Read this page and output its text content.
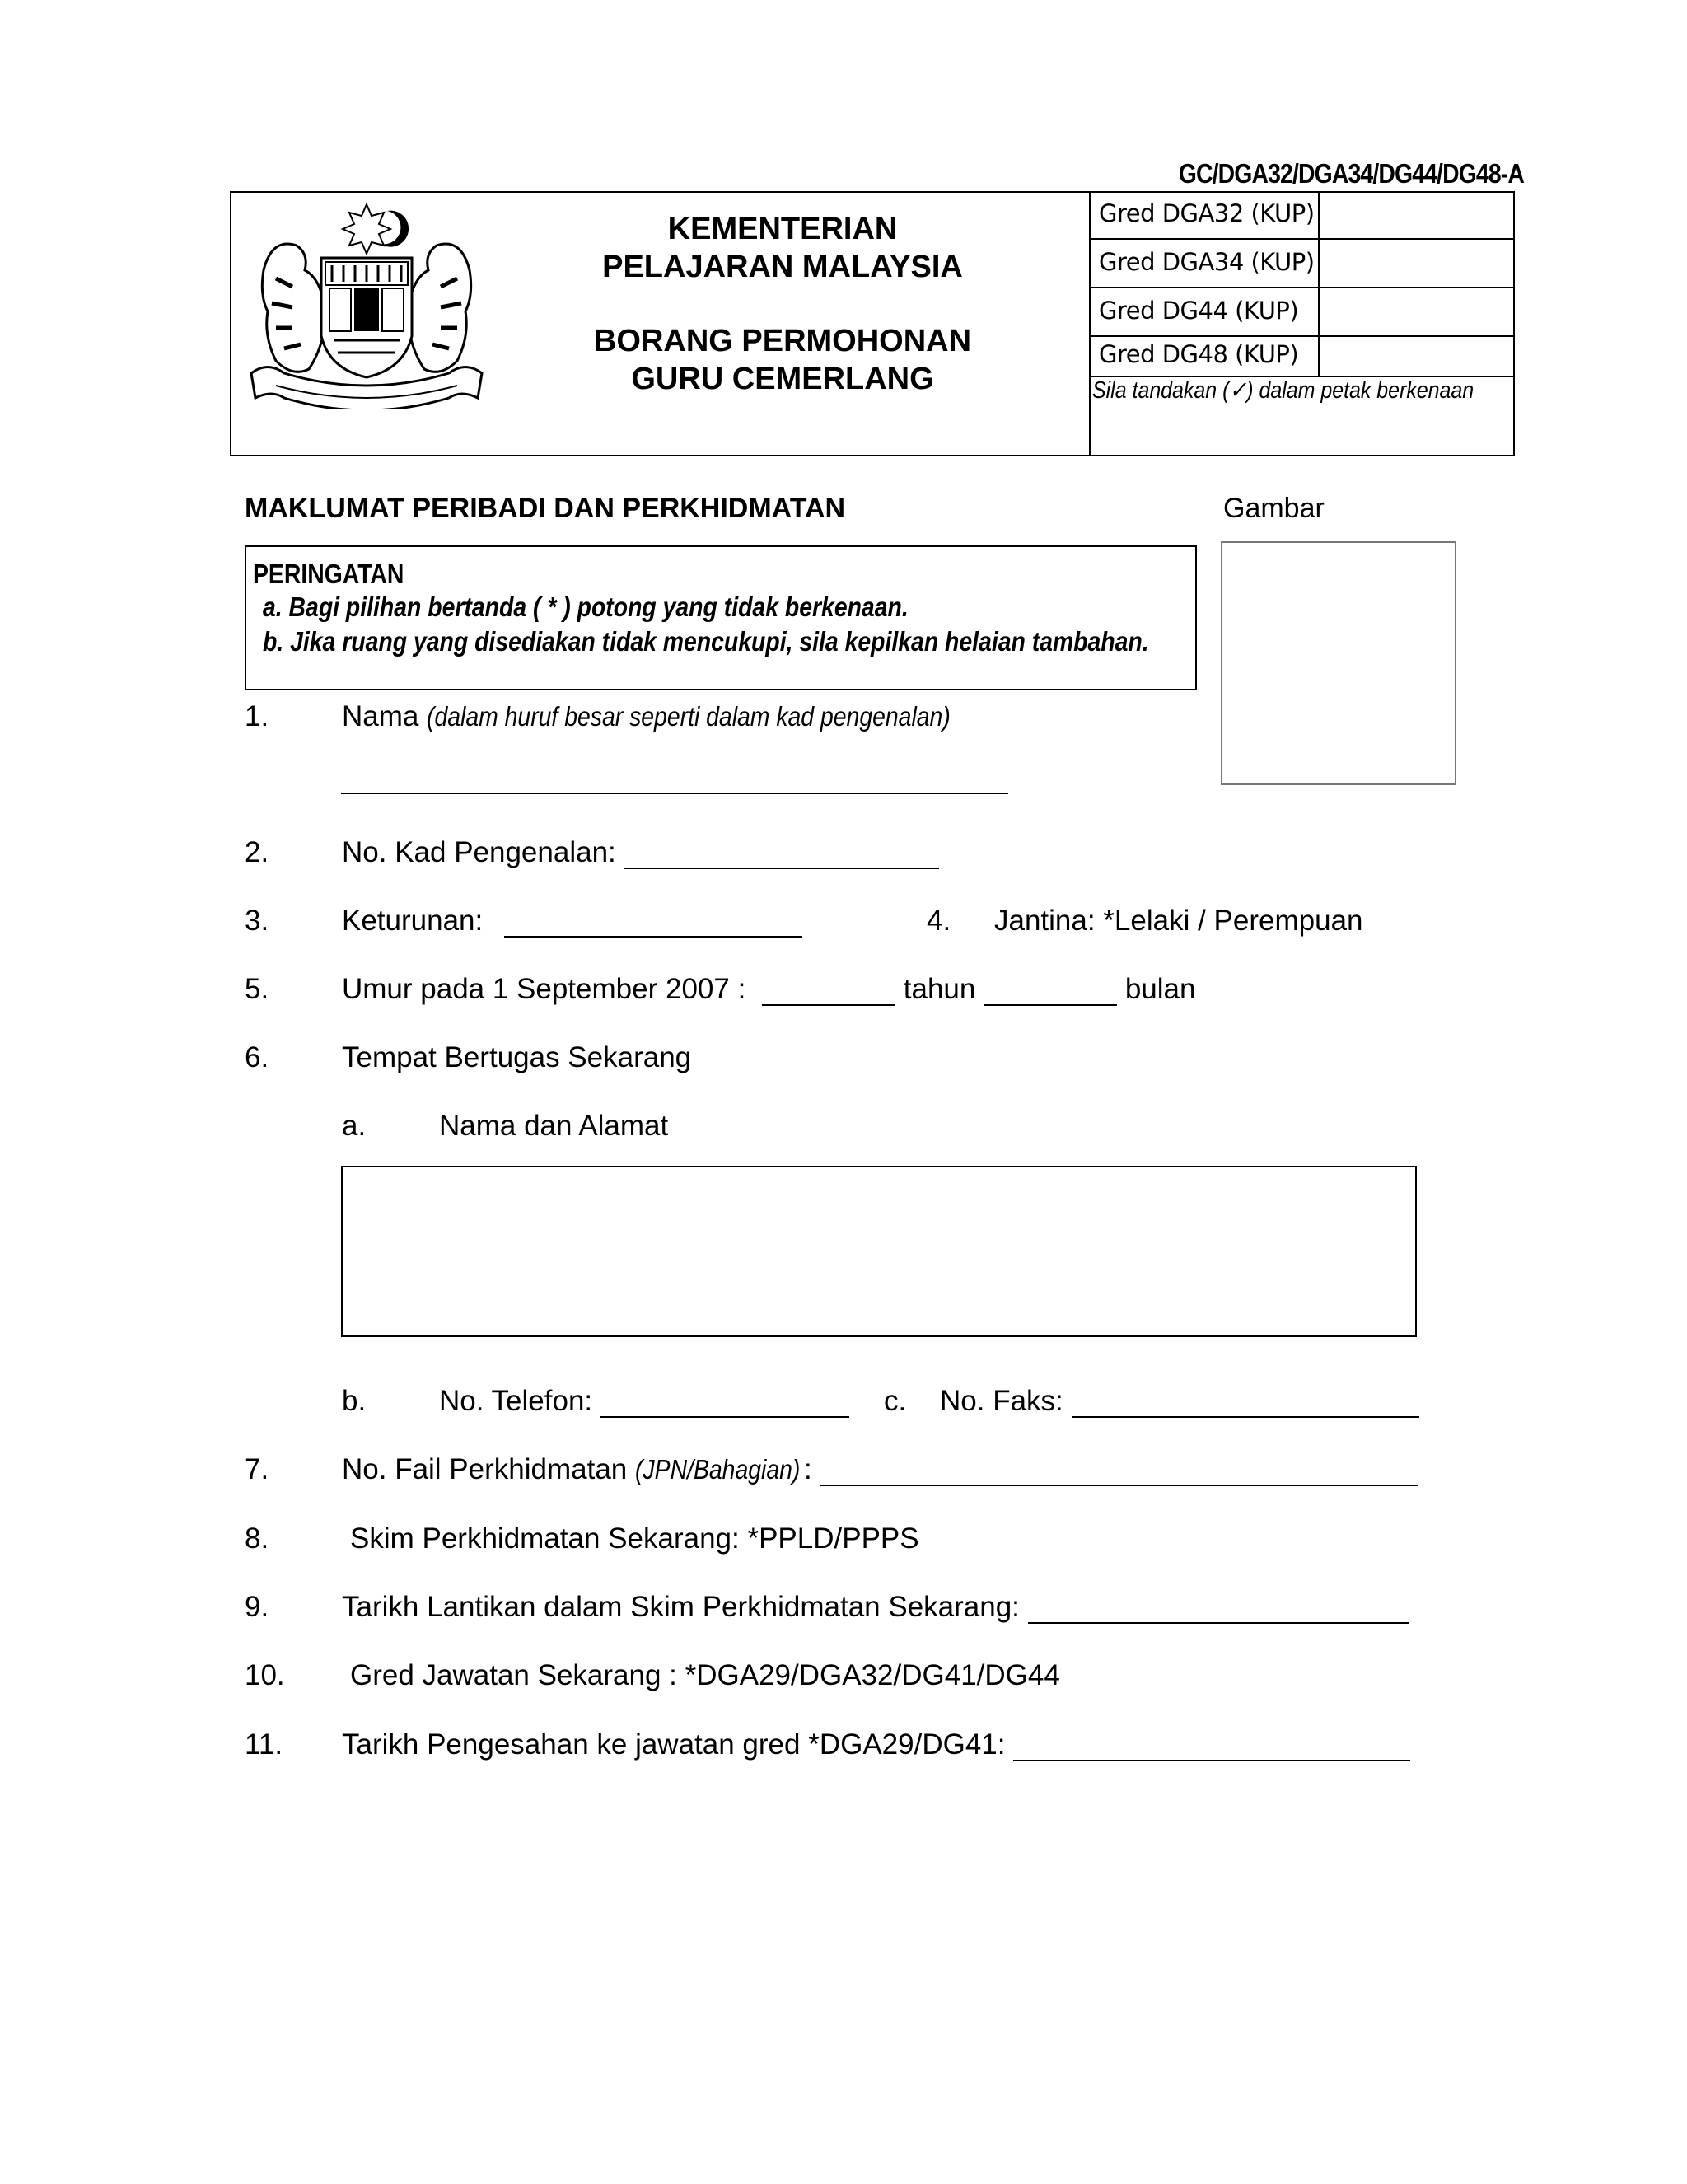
GC/DGA32/DGA34/DG44/DG48-A
KEMENTERIAN
PELAJARAN MALAYSIA
BORANG PERMOHONAN
GURU CEMERLANG
Gred DGA32 (KUP)
Gred DGA34 (KUP)
Gred DG44 (KUP)
Gred DG48 (KUP)
Sila tandakan (✓) dalam petak berkenaan
MAKLUMAT PERIBADI DAN PERKHIDMATAN	Gambar
PERINGATAN
a. Bagi pilihan bertanda ( * ) potong yang tidak berkenaan.
b. Jika ruang yang disediakan tidak mencukupi, sila kepilkan helaian tambahan.
1.	Nama (dalam huruf besar seperti dalam kad pengenalan)
2.	No. Kad Pengenalan:
3.	Keturunan:	4. Jantina: *Lelaki / Perempuan
5.	Umur pada 1 September 2007 :	tahun	bulan
6.	Tempat Bertugas Sekarang
a.	Nama dan Alamat
b.	No. Telefon:	c. No. Faks:
7.	No. Fail Perkhidmatan (JPN/Bahagian) :
8.	Skim Perkhidmatan Sekarang: *PPLD/PPPS
9.	Tarikh Lantikan dalam Skim Perkhidmatan Sekarang:
10. Gred Jawatan Sekarang : *DGA29/DGA32/DG41/DG44
11. Tarikh Pengesahan ke jawatan gred *DGA29/DG41:
